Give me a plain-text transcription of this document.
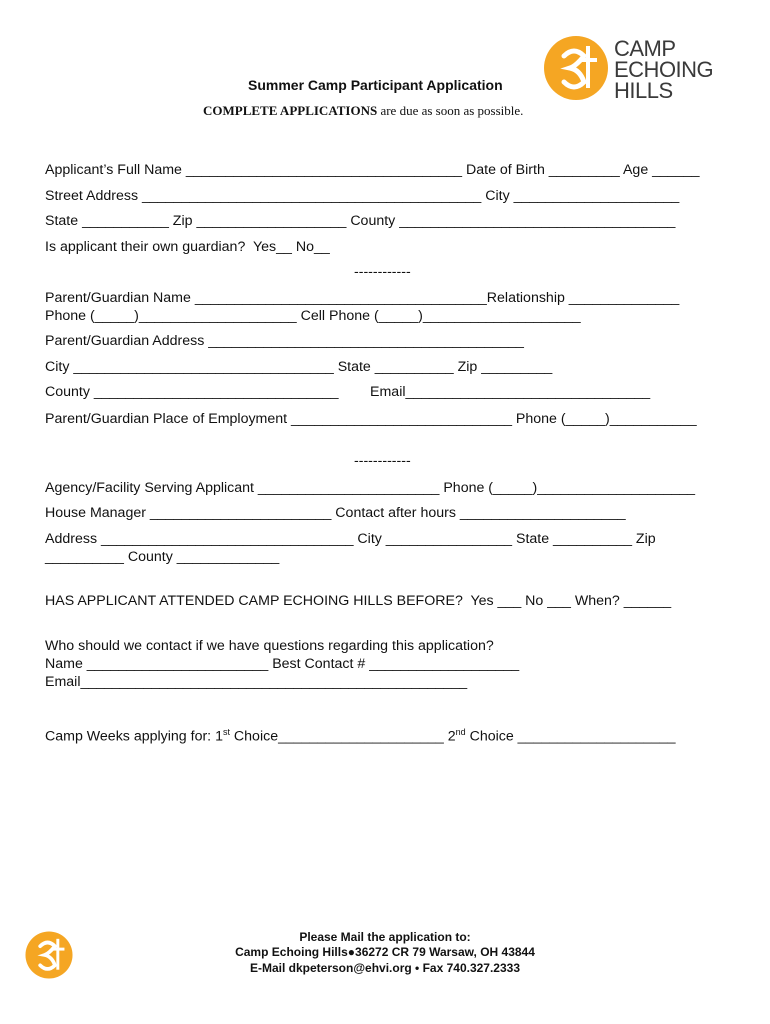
CAMP
ECHOING
HILLS
Summer Camp Participant Application
COMPLETE APPLICATIONS are due as soon as possible.
Applicant’s Full Name ___________________________________ Date of Birth _________ Age ______
Street Address ___________________________________________ City _____________________
State ___________ Zip ___________________ County ___________________________________
Is applicant their own guardian?  Yes__ No__
------------
Parent/Guardian Name _____________________________________Relationship ______________
Phone (_____)____________________ Cell Phone (_____)____________________
Parent/Guardian Address ________________________________________
City _________________________________ State __________ Zip _________
County _______________________________        Email_______________________________
Parent/Guardian Place of Employment ____________________________ Phone (_____)___________
------------
Agency/Facility Serving Applicant _______________________ Phone (_____)____________________
House Manager _______________________ Contact after hours _____________________
Address ________________________________ City ________________ State __________ Zip
__________ County _____________
HAS APPLICANT ATTENDED CAMP ECHOING HILLS BEFORE?  Yes ___ No ___ When? ______
Who should we contact if we have questions regarding this application?
Name _______________________ Best Contact # ___________________
Email_________________________________________________
Camp Weeks applying for: 1st Choice_____________________ 2nd Choice ____________________
Please Mail the application to:
Camp Echoing Hills●36272 CR 79 Warsaw, OH 43844
E-Mail dkpeterson@ehvi.org • Fax 740.327.2333
